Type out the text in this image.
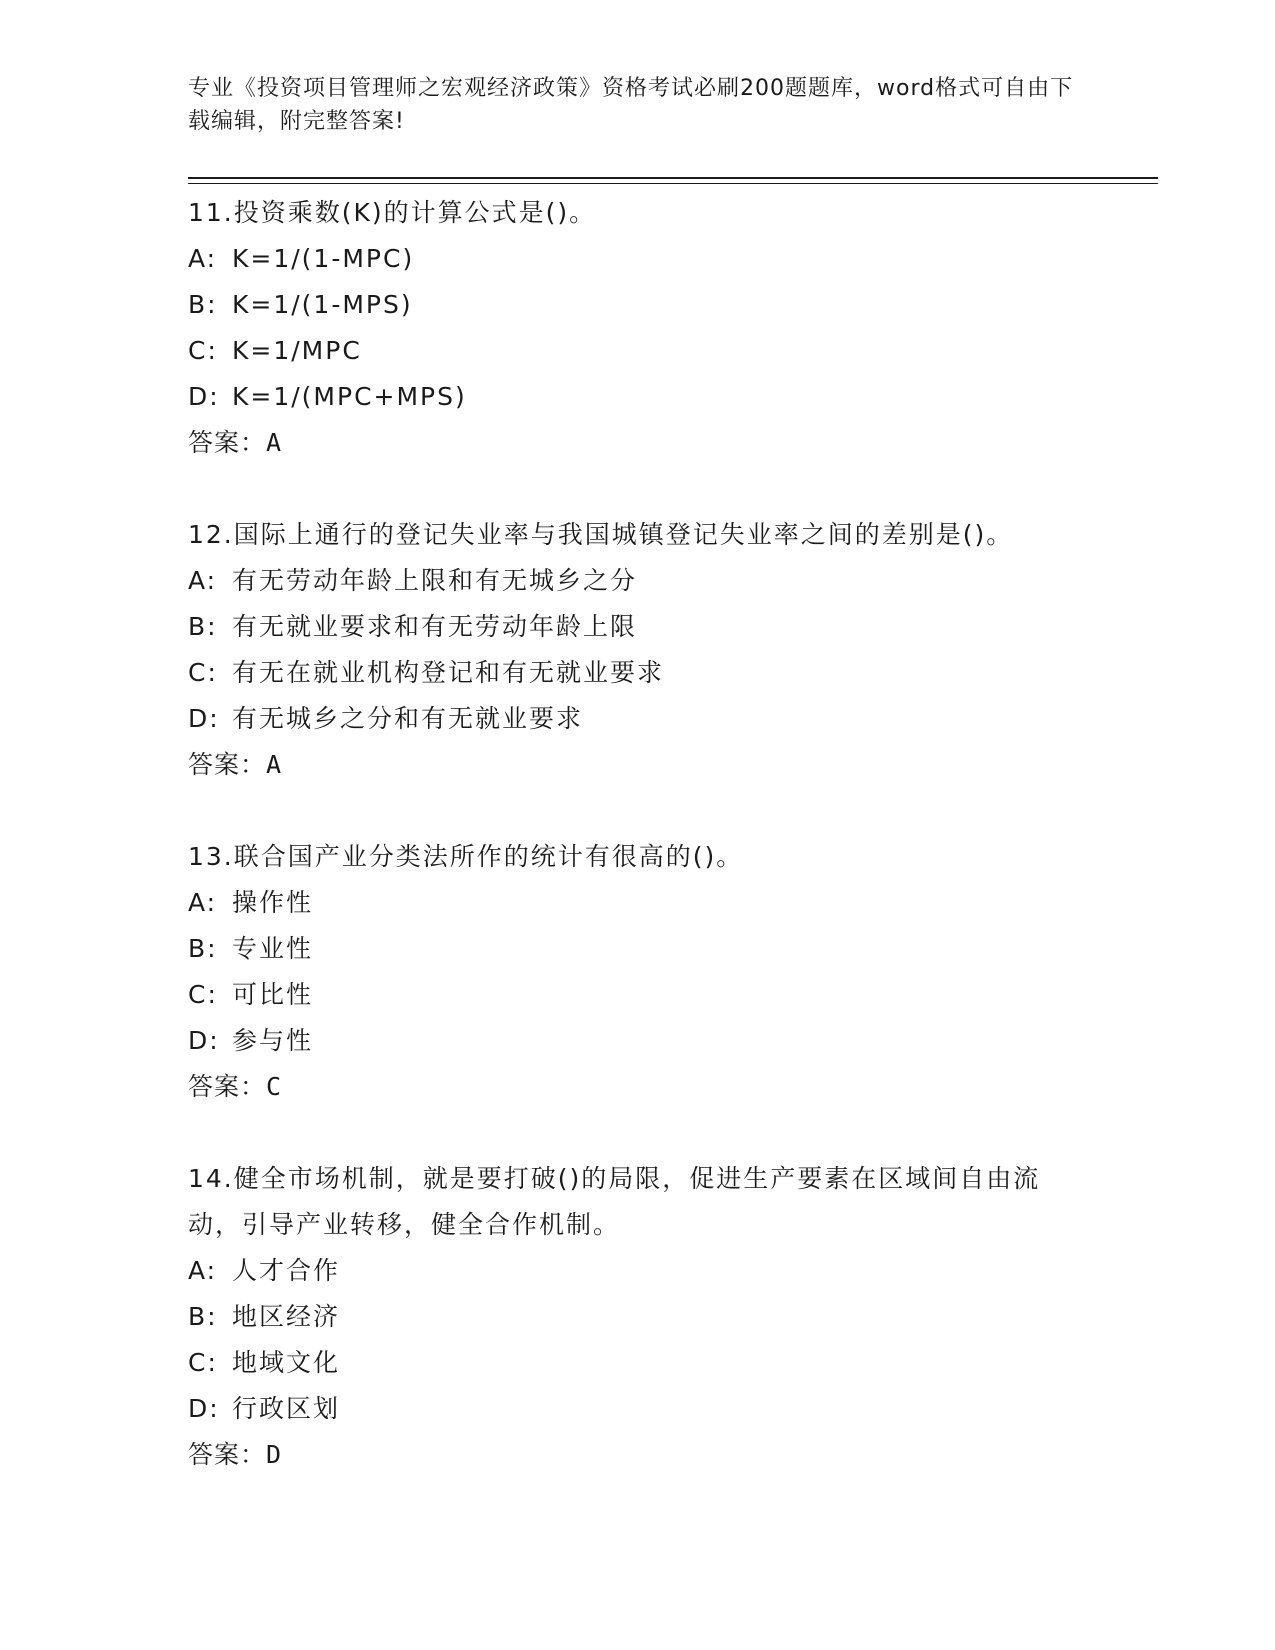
专业《投资项目管理师之宏观经济政策》资格考试必刷200题题库，word格式可自由下载编辑，附完整答案!
11.投资乘数(K)的计算公式是()。
A: K=1/(1-MPC)
B: K=1/(1-MPS)
C: K=1/MPC
D: K=1/(MPC+MPS)
答案：A
12.国际上通行的登记失业率与我国城镇登记失业率之间的差别是()。
A: 有无劳动年龄上限和有无城乡之分
B: 有无就业要求和有无劳动年龄上限
C: 有无在就业机构登记和有无就业要求
D: 有无城乡之分和有无就业要求
答案：A
13.联合国产业分类法所作的统计有很高的()。
A: 操作性
B: 专业性
C: 可比性
D: 参与性
答案：C
14.健全市场机制，就是要打破()的局限，促进生产要素在区域间自由流动，引导产业转移，健全合作机制。
A: 人才合作
B: 地区经济
C: 地域文化
D: 行政区划
答案：D
